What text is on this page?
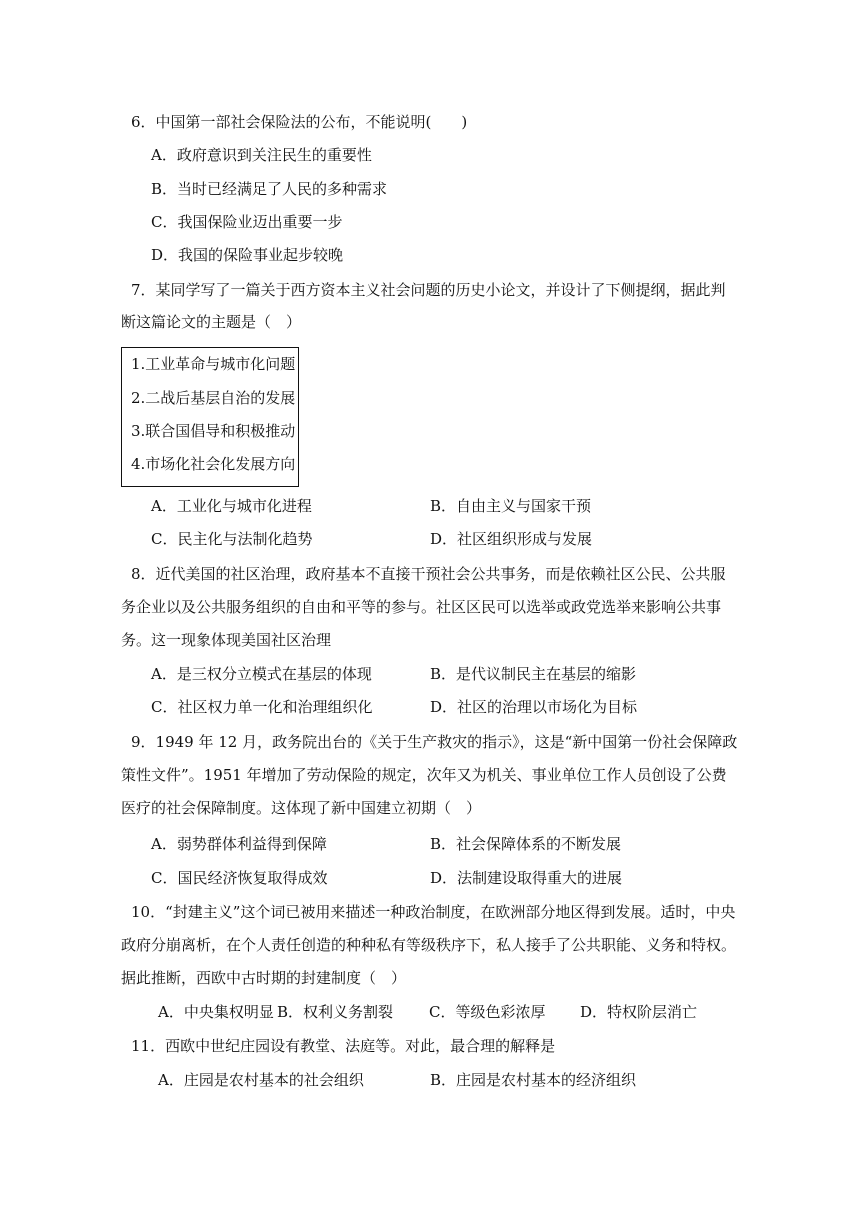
6．中国第一部社会保险法的公布，不能说明(　　)
A．政府意识到关注民生的重要性
B．当时已经满足了人民的多种需求
C．我国保险业迈出重要一步
D．我国的保险事业起步较晚
7．某同学写了一篇关于西方资本主义社会问题的历史小论文，并设计了下侧提纲，据此判
断这篇论文的主题是（　）
1.工业革命与城市化问题
2.二战后基层自治的发展
3.联合国倡导和积极推动
4.市场化社会化发展方向
A．工业化与城市化进程	B．自由主义与国家干预
C．民主化与法制化趋势	D．社区组织形成与发展
8．近代美国的社区治理，政府基本不直接干预社会公共事务，而是依赖社区公民、公共服
务企业以及公共服务组织的自由和平等的参与。社区区民可以选举或政党选举来影响公共事
务。这一现象体现美国社区治理
A．是三权分立模式在基层的体现	B．是代议制民主在基层的缩影
C．社区权力单一化和治理组织化	D．社区的治理以市场化为目标
9．1949 年 12 月，政务院出台的《关于生产救灾的指示》，这是“新中国第一份社会保障政
策性文件”。1951 年增加了劳动保险的规定，次年又为机关、事业单位工作人员创设了公费
医疗的社会保障制度。这体现了新中国建立初期（　）
A．弱势群体利益得到保障	B．社会保障体系的不断发展
C．国民经济恢复取得成效	D．法制建设取得重大的进展
10．“封建主义”这个词已被用来描述一种政治制度，在欧洲部分地区得到发展。适时，中央
政府分崩离析，在个人责任创造的种种私有等级秩序下，私人接手了公共职能、义务和特权。
据此推断，西欧中古时期的封建制度（　）
A．中央集权明显 B．权利义务割裂 C．等级色彩浓厚 D．特权阶层消亡
11．西欧中世纪庄园设有教堂、法庭等。对此，最合理的解释是
A．庄园是农村基本的社会组织	B．庄园是农村基本的经济组织
